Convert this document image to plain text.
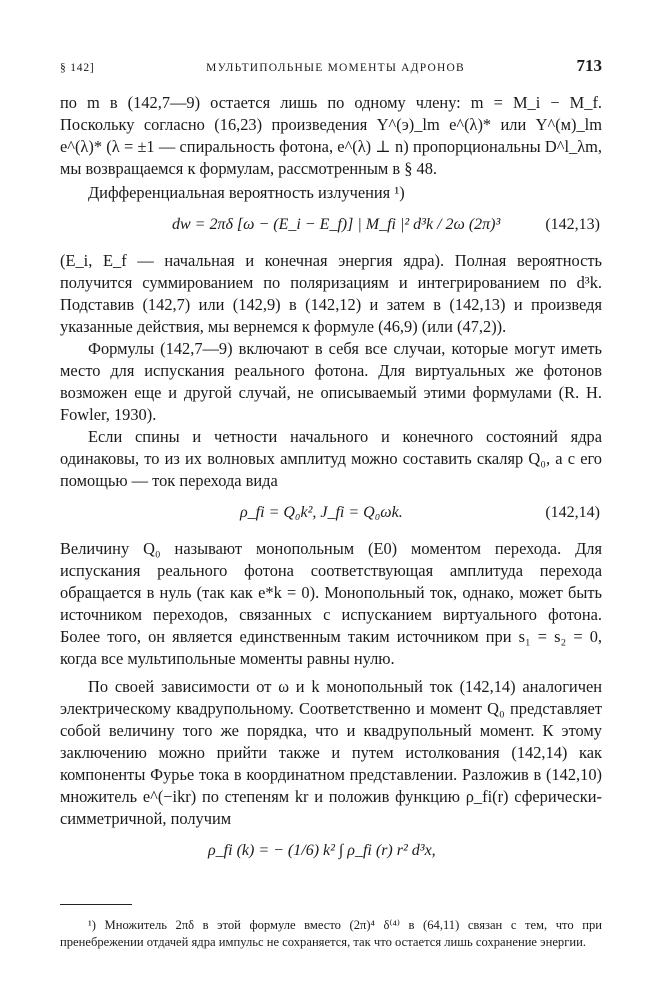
§ 142]	МУЛЬТИПОЛЬНЫЕ МОМЕНТЫ АДРОНОВ	713

по m в (142,7—9) остается лишь по одному члену: m = M_i − M_f. Поскольку согласно (16,23) произведения Y^(э)_lm e^(λ)* или Y^(м)_lm e^(λ)* (λ = ±1 — спиральность фотона, e^(λ) ⊥ n) пропорциональны D^l_λm, мы возвращаемся к формулам, рассмотренным в § 48.

Дифференциальная вероятность излучения ¹)

dw = 2πδ [ω − (E_i − E_f)] | M_fi |² d³k / 2ω (2π)³	(142,13)

(E_i, E_f — начальная и конечная энергия ядра). Полная вероятность получится суммированием по поляризациям и интегрированием по d³k. Подставив (142,7) или (142,9) в (142,12) и затем в (142,13) и произведя указанные действия, мы вернемся к формуле (46,9) (или (47,2)).

Формулы (142,7—9) включают в себя все случаи, которые могут иметь место для испускания реального фотона. Для виртуальных же фотонов возможен еще и другой случай, не описываемый этими формулами (R. H. Fowler, 1930).

Если спины и четности начального и конечного состояний ядра одинаковы, то из их волновых амплитуд можно составить скаляр Q₀, а с его помощью — ток перехода вида

ρ_fi = Q₀k², J_fi = Q₀ωk.	(142,14)

Величину Q₀ называют монопольным (E0) моментом перехода. Для испускания реального фотона соответствующая амплитуда перехода обращается в нуль (так как e*k = 0). Монопольный ток, однако, может быть источником переходов, связанных с испусканием виртуального фотона. Более того, он является единственным таким источником при s₁ = s₂ = 0, когда все мультипольные моменты равны нулю.

По своей зависимости от ω и k монопольный ток (142,14) аналогичен электрическому квадрупольному. Соответственно и момент Q₀ представляет собой величину того же порядка, что и квадрупольный момент. К этому заключению можно прийти также и путем истолкования (142,14) как компоненты Фурье тока в координатном представлении. Разложив в (142,10) множитель e^(−ikr) по степеням kr и положив функцию ρ_fi(r) сферически-симметричной, получим

ρ_fi (k) = − (1/6) k² ∫ ρ_fi (r) r² d³x,

¹) Множитель 2πδ в этой формуле вместо (2π)⁴ δ⁽⁴⁾ в (64,11) связан с тем, что при пренебрежении отдачей ядра импульс не сохраняется, так что остается лишь сохранение энергии.
